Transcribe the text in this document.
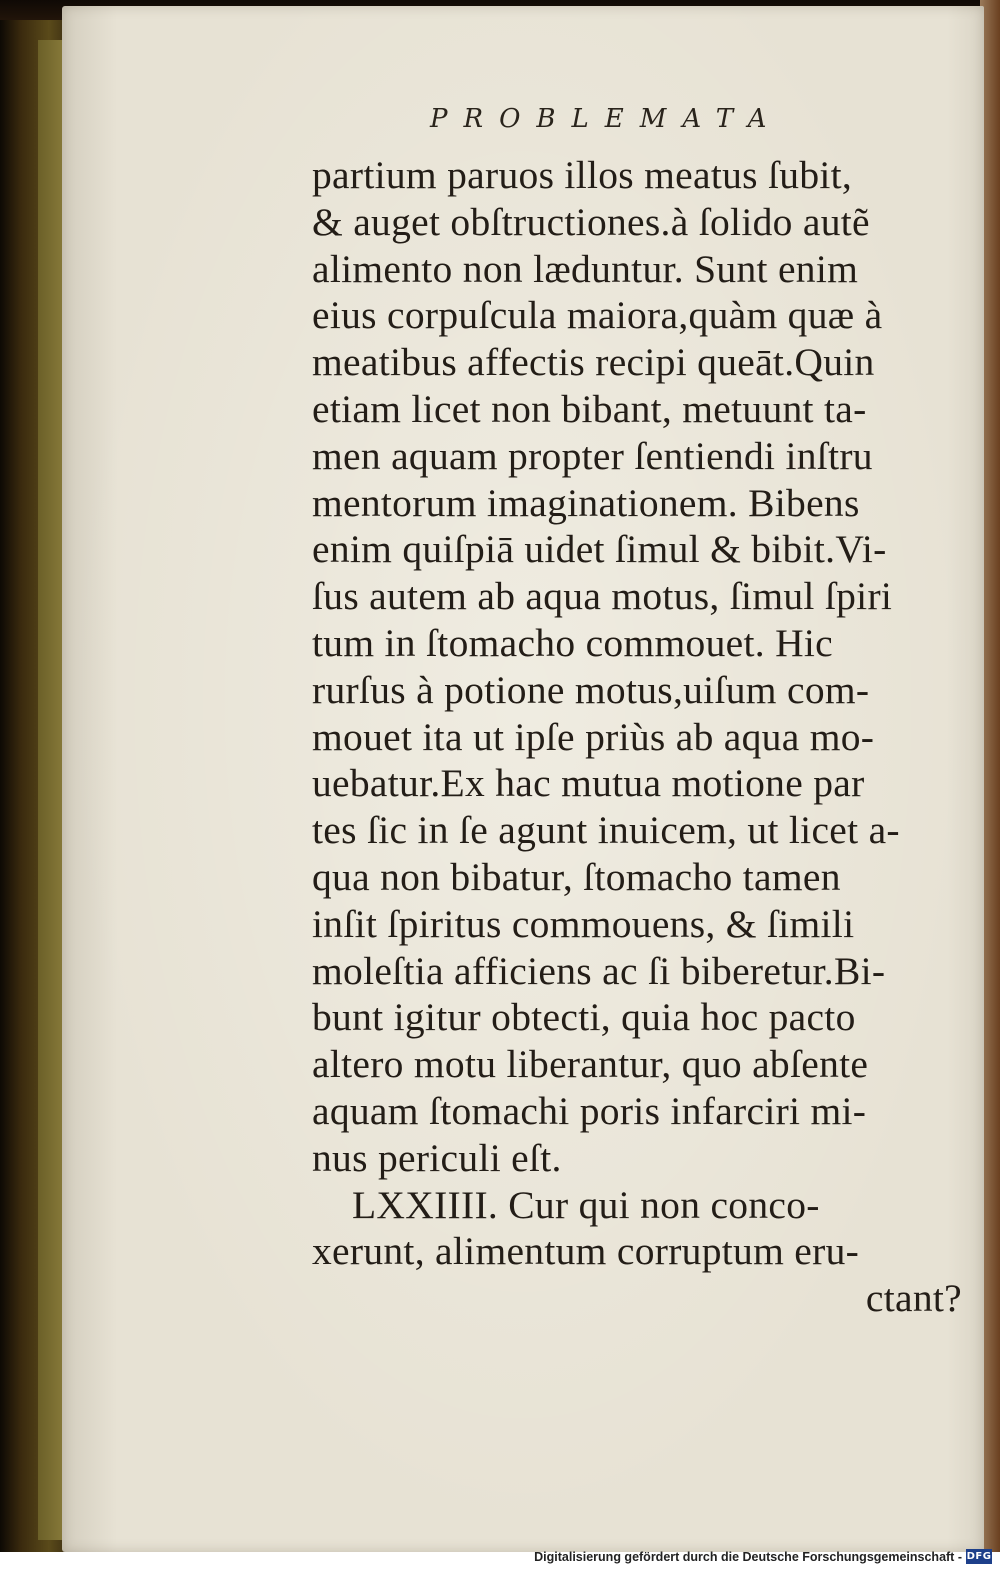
PROBLEMATA
partium paruos illos meatus ſubit,
& auget obſtructiones.à ſolido autẽ
alimento non læduntur. Sunt enim
eius corpuſcula maiora,quàm quæ à
meatibus affectis recipi queāt.Quin
etiam licet non bibant, metuunt ta-
men aquam propter ſentiendi inſtru
mentorum imaginationem. Bibens
enim quiſpiā uidet ſimul & bibit.Vi-
ſus autem ab aqua motus, ſimul ſpiri
tum in ſtomacho commouet. Hic
rurſus à potione motus,uiſum com-
mouet ita ut ipſe priùs ab aqua mo-
uebatur.Ex hac mutua motione par
tes ſic in ſe agunt inuicem, ut licet a-
qua non bibatur, ſtomacho tamen
inſit ſpiritus commouens, & ſimili
moleſtia afficiens ac ſi biberetur.Bi-
bunt igitur obtecti, quia hoc pacto
altero motu liberantur, quo abſente
aquam ſtomachi poris infarciri mi-
nus periculi eſt.
LXXIIII. Cur qui non conco-
xerunt, alimentum corruptum eru-
ctant?
Digitalisierung gefördert durch die Deutsche Forschungsgemeinschaft - DFG
